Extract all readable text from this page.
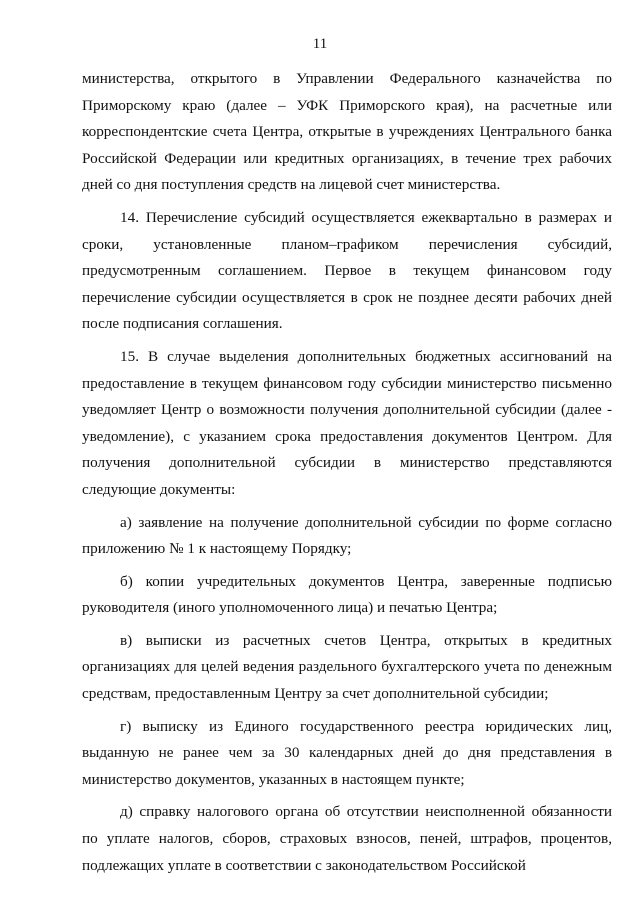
11

министерства, открытого в Управлении Федерального казначейства по Приморскому краю (далее – УФК Приморского края), на расчетные или корреспондентские счета Центра, открытые в учреждениях Центрального банка Российской Федерации или кредитных организациях, в течение трех рабочих дней со дня поступления средств на лицевой счет министерства.

14. Перечисление субсидий осуществляется ежеквартально в размерах и сроки, установленные планом–графиком перечисления субсидий, предусмотренным соглашением. Первое в текущем финансовом году перечисление субсидии осуществляется в срок не позднее десяти рабочих дней после подписания соглашения.

15. В случае выделения дополнительных бюджетных ассигнований на предоставление в текущем финансовом году субсидии министерство письменно уведомляет Центр о возможности получения дополнительной субсидии (далее - уведомление), с указанием срока предоставления документов Центром. Для получения дополнительной субсидии в министерство представляются следующие документы:

а) заявление на получение дополнительной субсидии по форме согласно приложению № 1 к настоящему Порядку;

б) копии учредительных документов Центра, заверенные подписью руководителя (иного уполномоченного лица) и печатью Центра;

в) выписки из расчетных счетов Центра, открытых в кредитных организациях для целей ведения раздельного бухгалтерского учета по денежным средствам, предоставленным Центру за счет дополнительной субсидии;

г) выписку из Единого государственного реестра юридических лиц, выданную не ранее чем за 30 календарных дней до дня представления в министерство документов, указанных в настоящем пункте;

д) справку налогового органа об отсутствии неисполненной обязанности по уплате налогов, сборов, страховых взносов, пеней, штрафов, процентов, подлежащих уплате в соответствии с законодательством Российской
